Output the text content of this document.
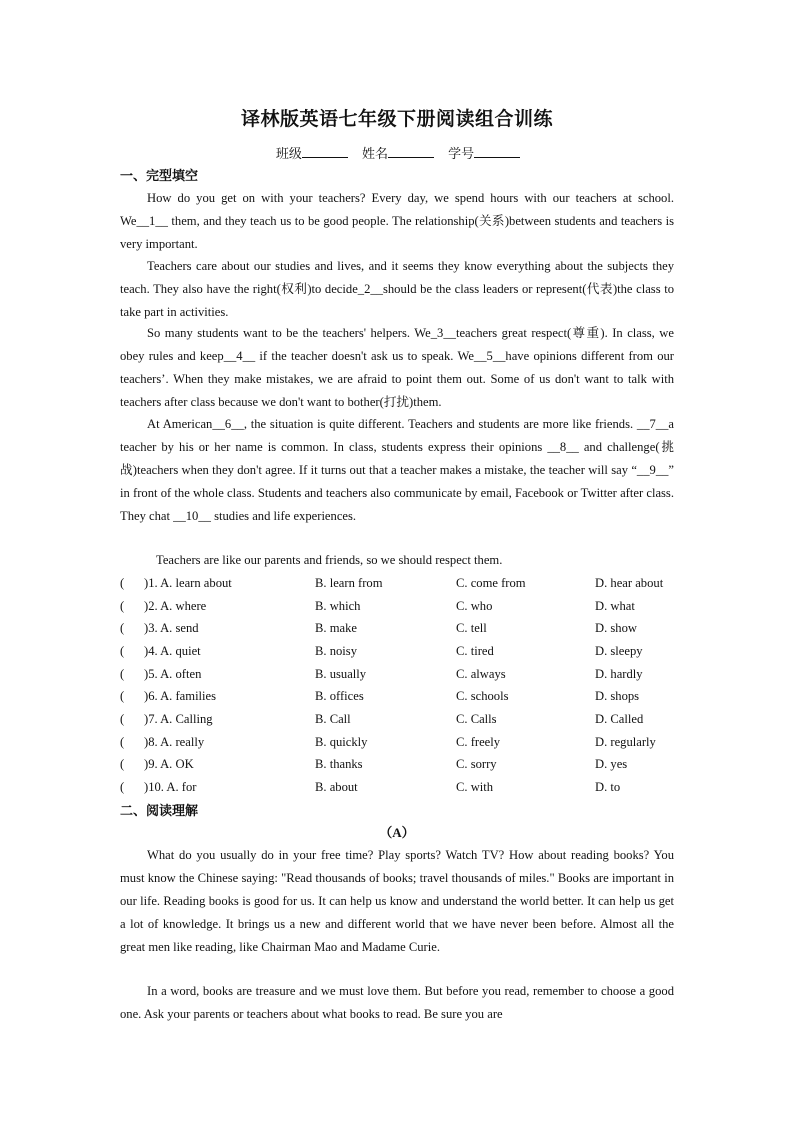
译林版英语七年级下册阅读组合训练
班级	姓名	学号
一、完型填空

How do you get on with your teachers? Every day, we spend hours with our teachers at school. We__1__ them, and they teach us to be good people. The relationship(关系)between students and teachers is very important.

Teachers care about our studies and lives, and it seems they know everything about the subjects they teach. They also have the right(权利)to decide_2__should be the class leaders or represent(代表)the class to take part in activities.

So many students want to be the teachers' helpers. We_3__teachers great respect(尊重). In class, we obey rules and keep__4__ if the teacher doesn't ask us to speak. We__5__have opinions different from our teachers’. When they make mistakes, we are afraid to point them out. Some of us don't want to talk with teachers after class because we don't want to bother(打扰)them.

At American__6__, the situation is quite different. Teachers and students are more like friends. __7__a teacher by his or her name is common. In class, students express their opinions __8__ and challenge(挑战)teachers when they don't agree. If it turns out that a teacher makes a mistake, the teacher will say “__9__” in front of the whole class. Students and teachers also communicate by email, Facebook or Twitter after class. They chat __10__ studies and life experiences.

Teachers are like our parents and friends, so we should respect them.

( )1. A. learn about	B. learn from	C. come from	D. hear about
( )2. A. where	B. which	C. who	D. what
( )3. A. send	B. make	C. tell	D. show
( )4. A. quiet	B. noisy	C. tired	D. sleepy
( )5. A. often	B. usually	C. always	D. hardly
( )6. A. families	B. offices	C. schools	D. shops
( )7. A. Calling	B. Call	C. Calls	D. Called
( )8. A. really	B. quickly	C. freely	D. regularly
( )9. A. OK	B. thanks	C. sorry	D. yes
( )10. A. for	B. about	C. with	D. to
二、阅读理解
（A）

What do you usually do in your free time? Play sports? Watch TV? How about reading books? You must know the Chinese saying: "Read thousands of books; travel thousands of miles." Books are important in our life. Reading books is good for us. It can help us know and understand the world better. It can help us get a lot of knowledge. It brings us a new and different world that we have never been before. Almost all the great men like reading, like Chairman Mao and Madame Curie.

In a word, books are treasure and we must love them. But before you read, remember to choose a good one. Ask your parents or teachers about what books to read. Be sure you are
